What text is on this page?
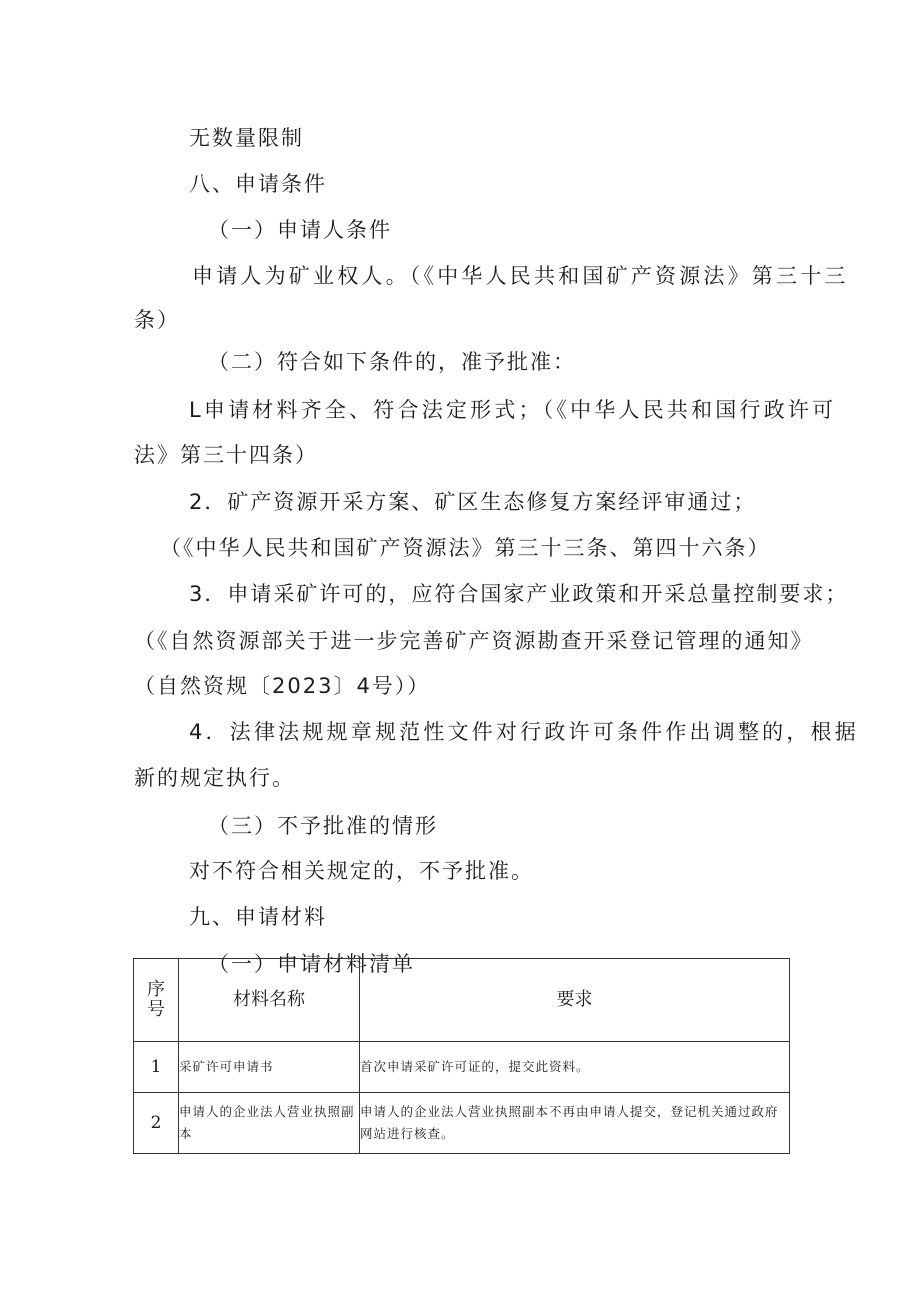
无数量限制
八、申请条件
（一）申请人条件
申请人为矿业权人。（《中华人民共和国矿产资源法》第三十三
条）
（二）符合如下条件的，准予批准：
L申请材料齐全、符合法定形式；（《中华人民共和国行政许可
法》第三十四条）
2．矿产资源开采方案、矿区生态修复方案经评审通过；
（《中华人民共和国矿产资源法》第三十三条、第四十六条）
3．申请采矿许可的，应符合国家产业政策和开采总量控制要求；
（《自然资源部关于进一步完善矿产资源勘查开采登记管理的通知》
（自然资规〔2023〕4号））
4．法律法规规章规范性文件对行政许可条件作出调整的，根据
新的规定执行。
（三）不予批准的情形
对不符合相关规定的，不予批准。
九、申请材料
（一）申请材料清单
序
号	材料名称	要求
1	采矿许可申请书	首次申请采矿许可证的，提交此资料。
2	申请人的企业法人营业执照副本	申请人的企业法人营业执照副本不再由申请人提交，登记机关通过政府网站进行核查。
